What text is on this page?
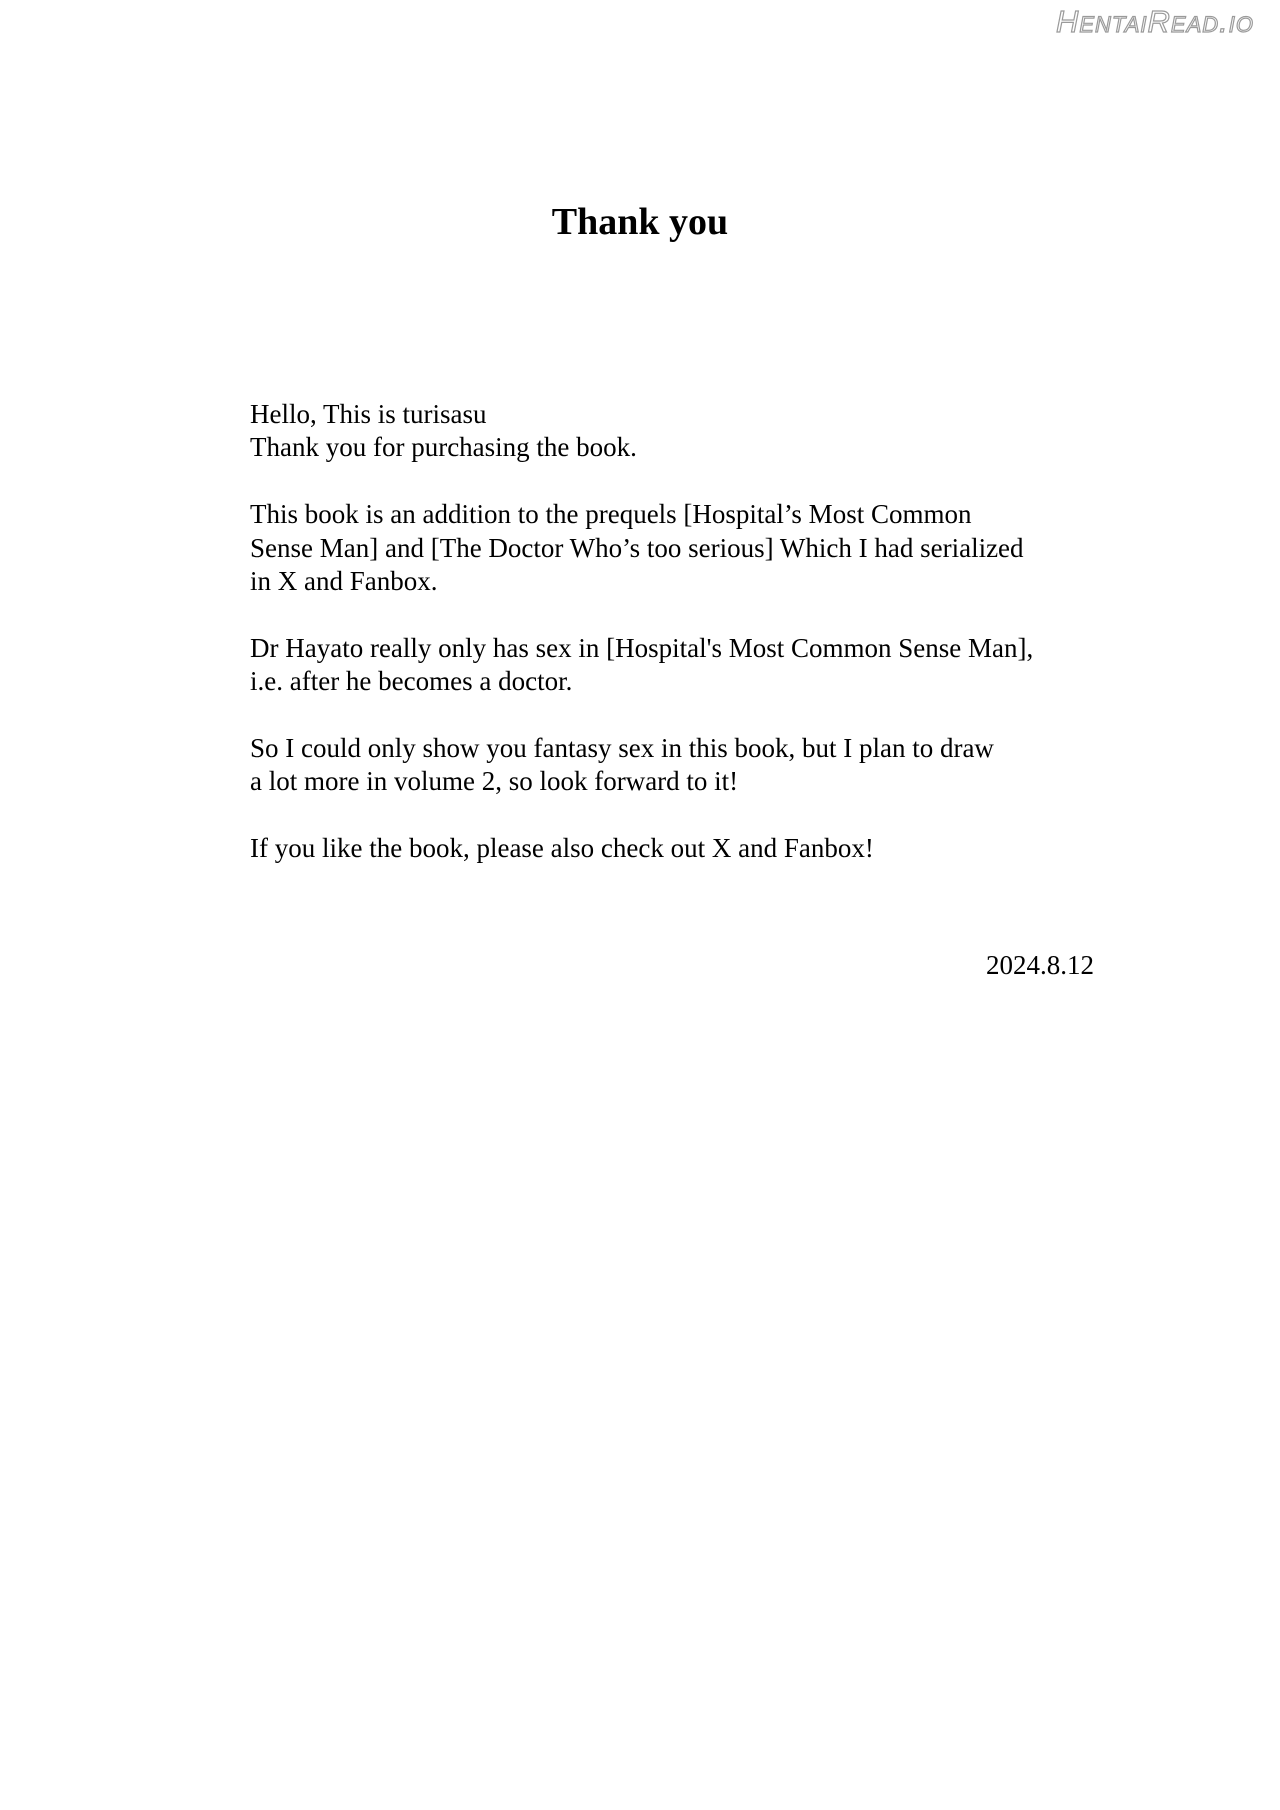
HentaiRead.io
Thank you

Hello, This is turisasu
Thank you for purchasing the book.

This book is an addition to the prequels [Hospital’s Most Common
Sense Man] and [The Doctor Who’s too serious] Which I had serialized
in X and Fanbox.

Dr Hayato really only has sex in [Hospital's Most Common Sense Man],
i.e. after he becomes a doctor.

So I could only show you fantasy sex in this book, but I plan to draw
a lot more in volume 2, so look forward to it!

If you like the book, please also check out X and Fanbox!

2024.8.12
